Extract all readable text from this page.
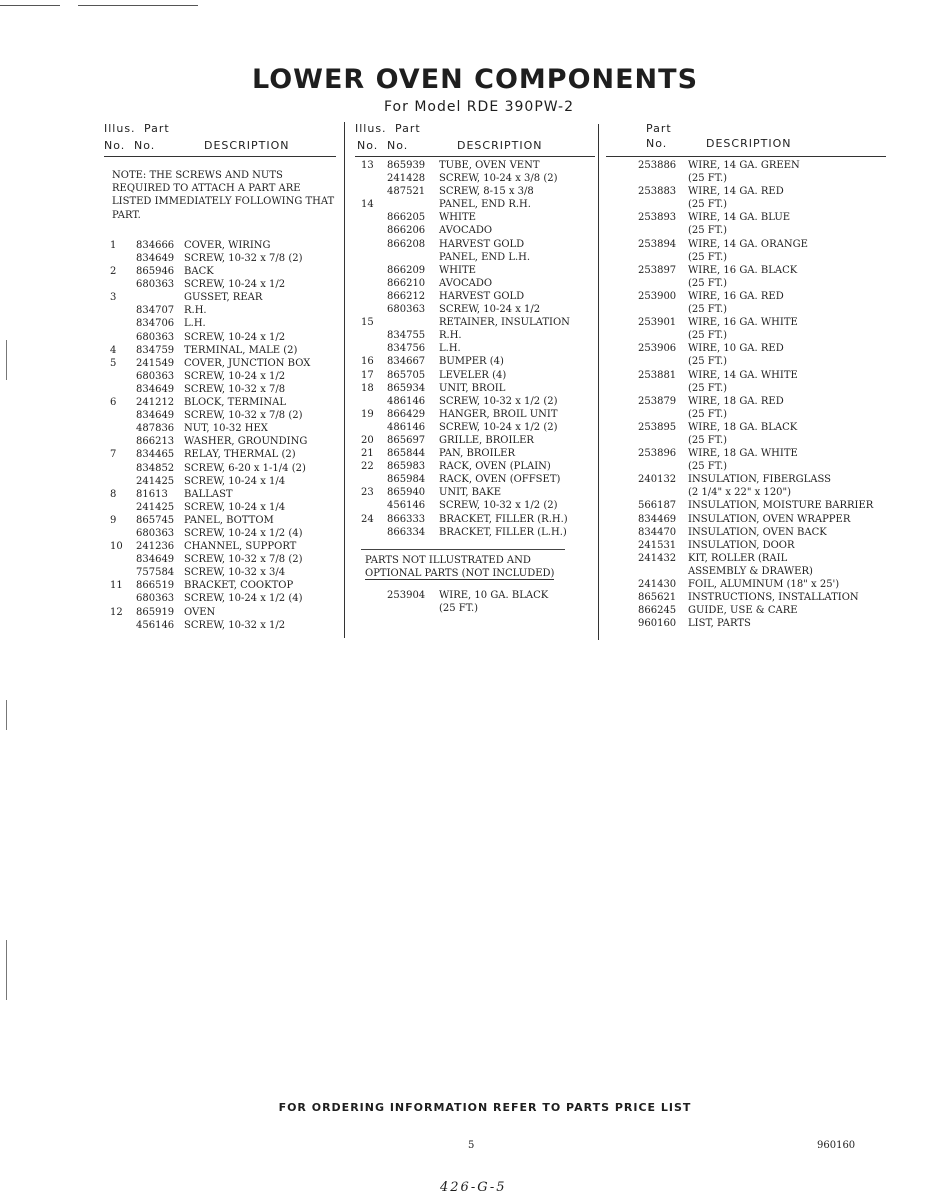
LOWER OVEN COMPONENTS
For Model RDE 390PW-2
Illus. Part
No. No.	DESCRIPTION
NOTE: THE SCREWS AND NUTS REQUIRED TO ATTACH A PART ARE LISTED IMMEDIATELY FOLLOWING THAT PART.
1	834666 COVER, WIRING
834649 SCREW, 10-32 x 7/8 (2)
2	865946 BACK
680363 SCREW, 10-24 x 1/2
3	GUSSET, REAR
834707 R.H.
834706 L.H.
680363 SCREW, 10-24 x 1/2
4	834759 TERMINAL, MALE (2)
5	241549 COVER, JUNCTION BOX
680363 SCREW, 10-24 x 1/2
834649 SCREW, 10-32 x 7/8
6	241212 BLOCK, TERMINAL
834649 SCREW, 10-32 x 7/8 (2)
487836 NUT, 10-32 HEX
866213 WASHER, GROUNDING
7	834465 RELAY, THERMAL (2)
834852 SCREW, 6-20 x 1-1/4 (2)
241425 SCREW, 10-24 x 1/4
8	81613 BALLAST
241425 SCREW, 10-24 x 1/4
9	865745 PANEL, BOTTOM
680363 SCREW, 10-24 x 1/2 (4)
10 241236 CHANNEL, SUPPORT
834649 SCREW, 10-32 x 7/8 (2)
757584 SCREW, 10-32 x 3/4
11 866519 BRACKET, COOKTOP
680363 SCREW, 10-24 x 1/2 (4)
12 865919 OVEN
456146 SCREW, 10-32 x 1/2
Illus. Part
No. No.	DESCRIPTION
13	865939 TUBE, OVEN VENT
241428 SCREW, 10-24 x 3/8 (2)
487521 SCREW, 8-15 x 3/8
14	PANEL, END R.H.
866205 WHITE
866206 AVOCADO
866208 HARVEST GOLD
PANEL, END L.H.
866209 WHITE
866210 AVOCADO
866212 HARVEST GOLD
680363 SCREW, 10-24 x 1/2
15	RETAINER, INSULATION
834755 R.H.
834756 L.H.
16	834667 BUMPER (4)
17	865705 LEVELER (4)
18	865934 UNIT, BROIL
486146 SCREW, 10-32 x 1/2 (2)
19	866429 HANGER, BROIL UNIT
486146 SCREW, 10-24 x 1/2 (2)
20	865697 GRILLE, BROILER
21	865844 PAN, BROILER
22	865983 RACK, OVEN (PLAIN)
865984 RACK, OVEN (OFFSET)
23	865940 UNIT, BAKE
456146 SCREW, 10-32 x 1/2 (2)
24	866333 BRACKET, FILLER (R.H.)
866334 BRACKET, FILLER (L.H.)
PARTS NOT ILLUSTRATED AND
OPTIONAL PARTS (NOT INCLUDED)
253904 WIRE, 10 GA. BLACK
(25 FT.)
Part
No.	DESCRIPTION
253886 WIRE, 14 GA. GREEN
(25 FT.)
253883 WIRE, 14 GA. RED
(25 FT.)
253893 WIRE, 14 GA. BLUE
(25 FT.)
253894 WIRE, 14 GA. ORANGE
(25 FT.)
253897 WIRE, 16 GA. BLACK
(25 FT.)
253900 WIRE, 16 GA. RED
(25 FT.)
253901 WIRE, 16 GA. WHITE
(25 FT.)
253906 WIRE, 10 GA. RED
(25 FT.)
253881 WIRE, 14 GA. WHITE
(25 FT.)
253879 WIRE, 18 GA. RED
(25 FT.)
253895 WIRE, 18 GA. BLACK
(25 FT.)
253896 WIRE, 18 GA. WHITE
(25 FT.)
240132 INSULATION, FIBERGLASS
(2 1/4" x 22" x 120")
566187 INSULATION, MOISTURE BARRIER
834469 INSULATION, OVEN WRAPPER
834470 INSULATION, OVEN BACK
241531 INSULATION, DOOR
241432 KIT, ROLLER (RAIL
ASSEMBLY & DRAWER)
241430 FOIL, ALUMINUM (18" x 25')
865621 INSTRUCTIONS, INSTALLATION
866245 GUIDE, USE & CARE
960160 LIST, PARTS
FOR ORDERING INFORMATION REFER TO PARTS PRICE LIST
5	960160
426-G-5
